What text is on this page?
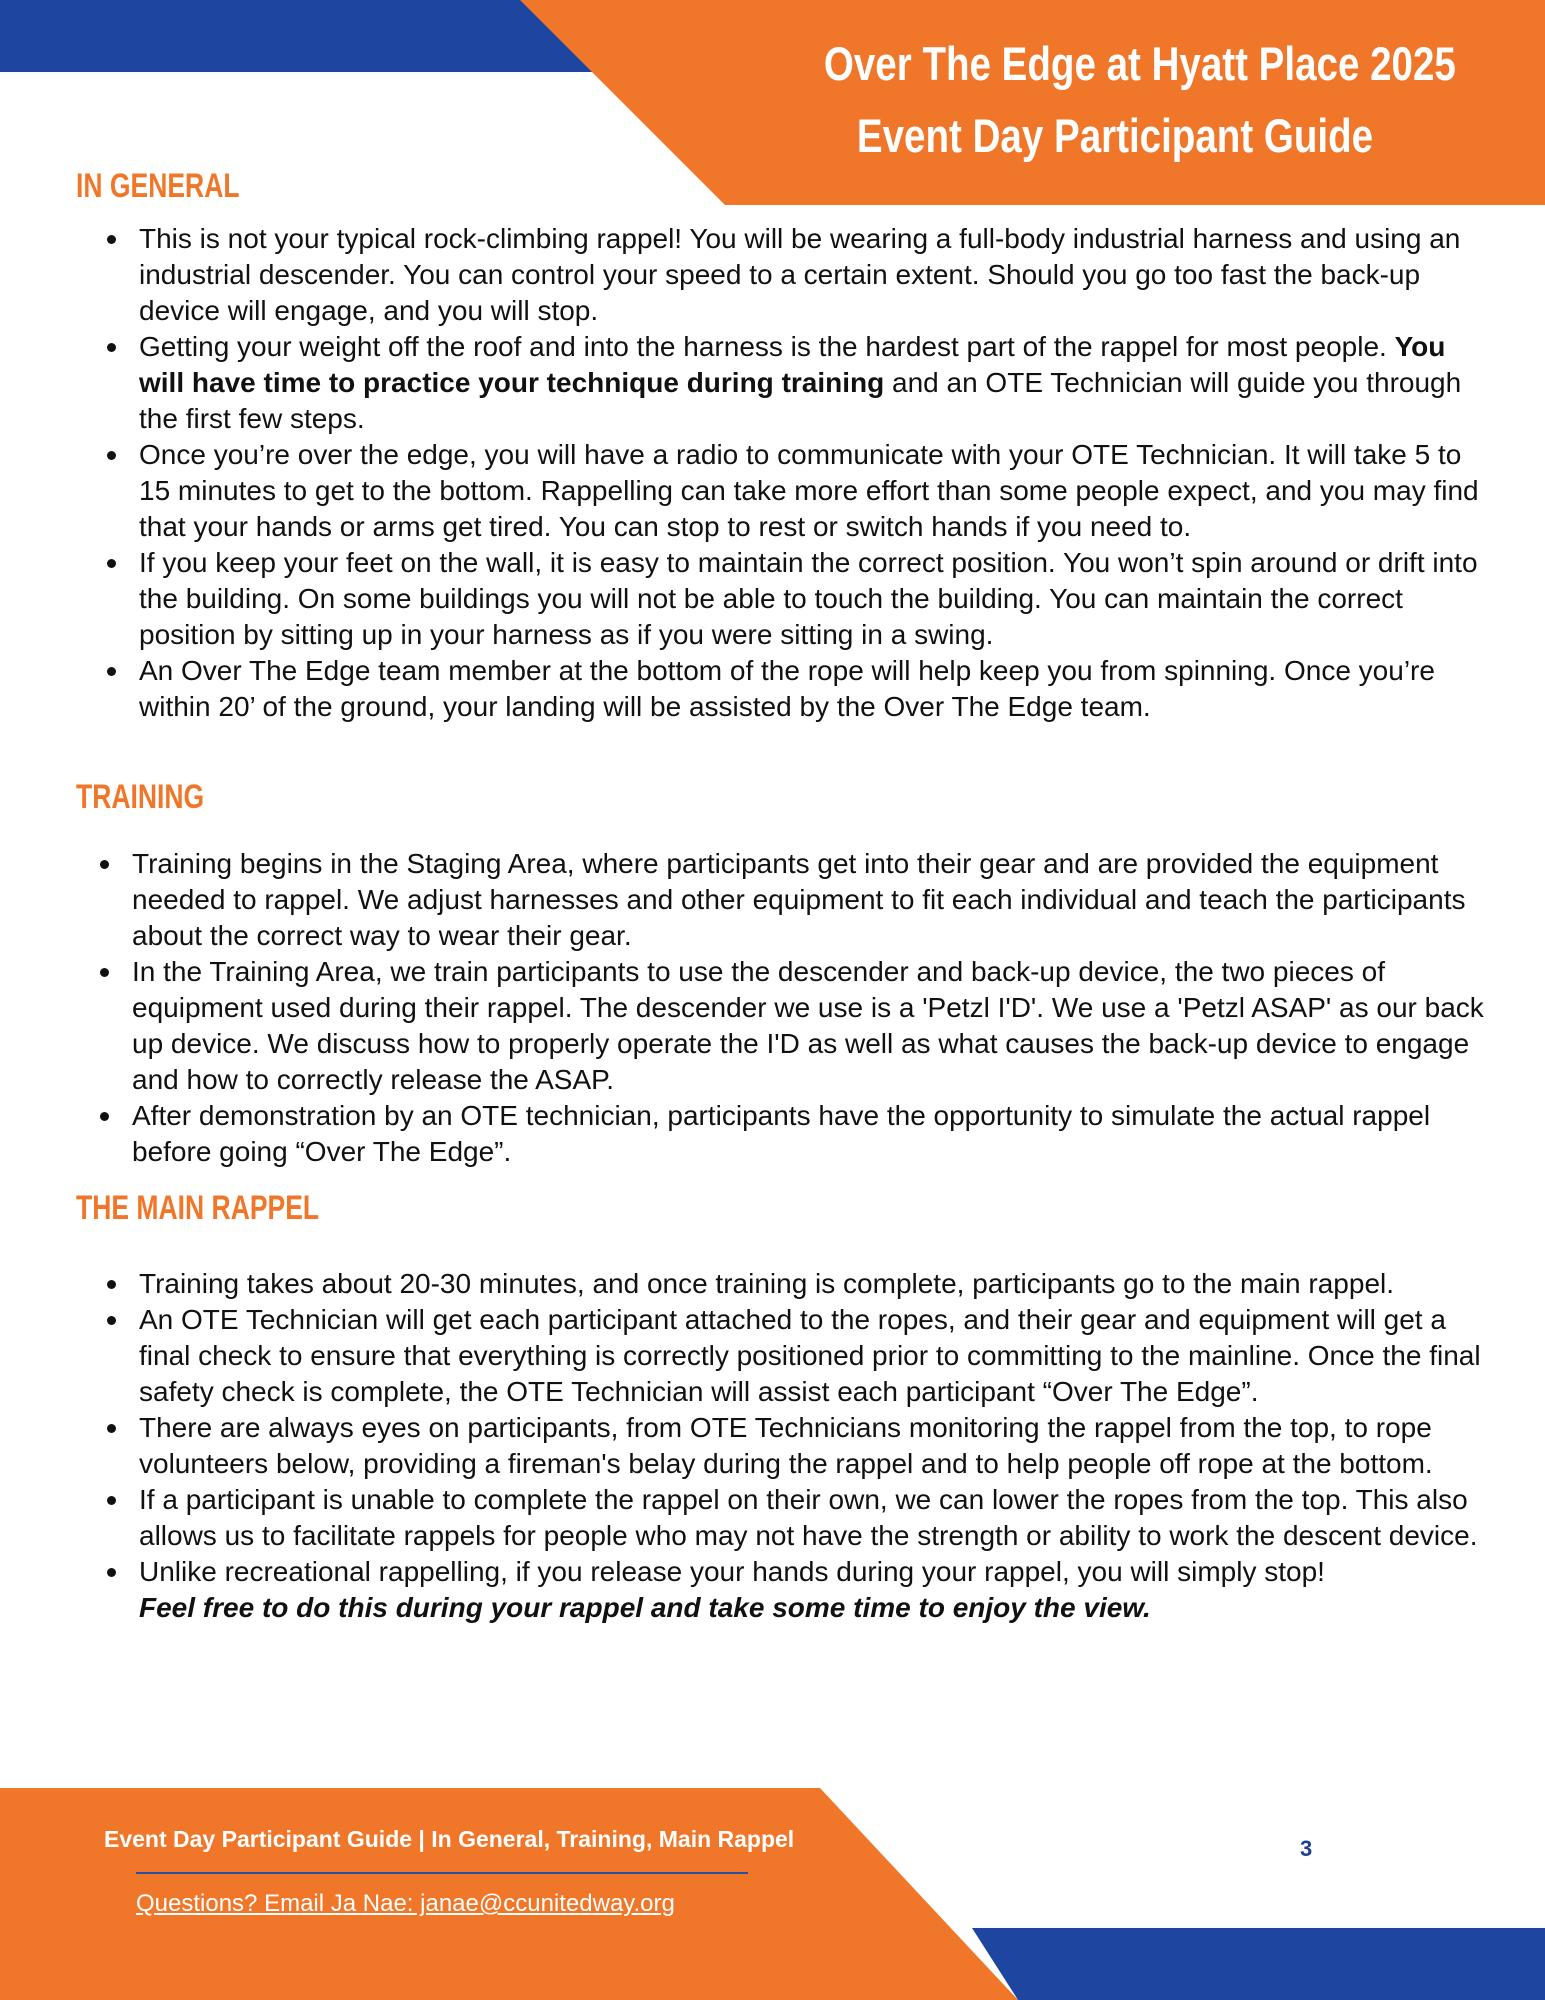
Over The Edge at Hyatt Place 2025
Event Day Participant Guide
IN GENERAL
This is not your typical rock-climbing rappel! You will be wearing a full-body industrial harness and using an industrial descender. You can control your speed to a certain extent. Should you go too fast the back-up device will engage, and you will stop.
Getting your weight off the roof and into the harness is the hardest part of the rappel for most people. You will have time to practice your technique during training and an OTE Technician will guide you through the first few steps.
Once you’re over the edge, you will have a radio to communicate with your OTE Technician. It will take 5 to 15 minutes to get to the bottom. Rappelling can take more effort than some people expect, and you may find that your hands or arms get tired. You can stop to rest or switch hands if you need to.
If you keep your feet on the wall, it is easy to maintain the correct position. You won’t spin around or drift into the building. On some buildings you will not be able to touch the building. You can maintain the correct position by sitting up in your harness as if you were sitting in a swing.
An Over The Edge team member at the bottom of the rope will help keep you from spinning. Once you’re within 20’ of the ground, your landing will be assisted by the Over The Edge team.
TRAINING
Training begins in the Staging Area, where participants get into their gear and are provided the equipment needed to rappel. We adjust harnesses and other equipment to fit each individual and teach the participants about the correct way to wear their gear.
In the Training Area, we train participants to use the descender and back-up device, the two pieces of equipment used during their rappel. The descender we use is a 'Petzl I'D'. We use a 'Petzl ASAP' as our back up device. We discuss how to properly operate the I'D as well as what causes the back-up device to engage and how to correctly release the ASAP.
After demonstration by an OTE technician, participants have the opportunity to simulate the actual rappel before going “Over The Edge”.
THE MAIN RAPPEL
Training takes about 20-30 minutes, and once training is complete, participants go to the main rappel.
An OTE Technician will get each participant attached to the ropes, and their gear and equipment will get a final check to ensure that everything is correctly positioned prior to committing to the mainline. Once the final safety check is complete, the OTE Technician will assist each participant “Over The Edge”.
There are always eyes on participants, from OTE Technicians monitoring the rappel from the top, to rope volunteers below, providing a fireman's belay during the rappel and to help people off rope at the bottom.
If a participant is unable to complete the rappel on their own, we can lower the ropes from the top. This also allows us to facilitate rappels for people who may not have the strength or ability to work the descent device.
Unlike recreational rappelling, if you release your hands during your rappel, you will simply stop!
Feel free to do this during your rappel and take some time to enjoy the view.
Event Day Participant Guide | In General, Training, Main Rappel
Questions? Email Ja Nae: janae@ccunitedway.org
3
